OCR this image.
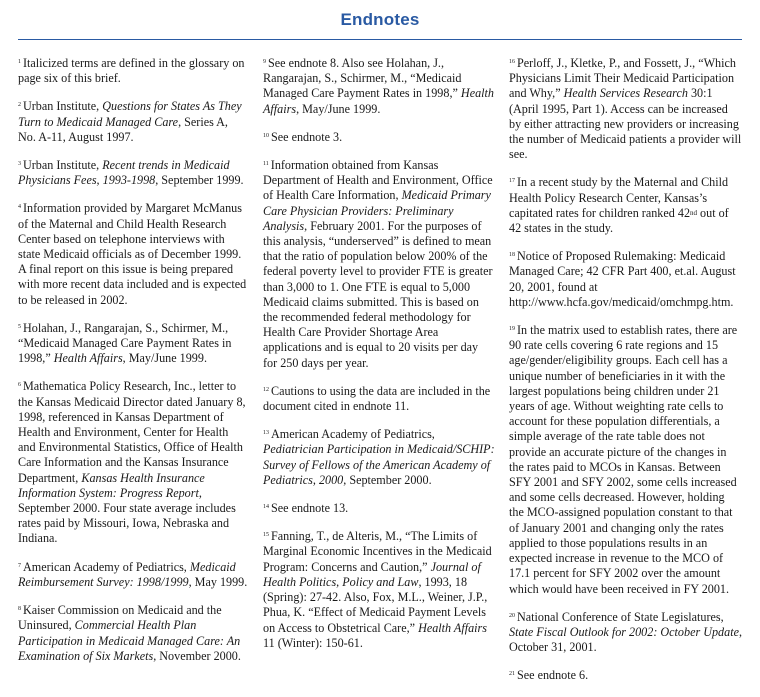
Endnotes

$^1$ Italicized terms are defined in the glossary on page six of this brief.

$^2$ Urban Institute, Questions for States As They Turn to Medicaid Managed Care, Series A, No. A-11, August 1997.

$^3$ Urban Institute, Recent trends in Medicaid Physicians Fees, 1993-1998, September 1999.

$^4$ Information provided by Margaret McManus of the Maternal and Child Health Research Center based on telephone interviews with state Medicaid officials as of December 1999. A final report on this issue is being prepared with more recent data included and is expected to be released in 2002.

$^5$ Holahan, J., Rangarajan, S., Schirmer, M., “Medicaid Managed Care Payment Rates in 1998,” Health Affairs, May/June 1999.

$^6$ Mathematica Policy Research, Inc., letter to the Kansas Medicaid Director dated January 8, 1998, referenced in Kansas Department of Health and Environment, Center for Health and Environmental Statistics, Office of Health Care Information and the Kansas Insurance Department, Kansas Health Insurance Information System: Progress Report, September 2000. Four state average includes rates paid by Missouri, Iowa, Nebraska and Indiana.

$^7$ American Academy of Pediatrics, Medicaid Reimbursement Survey: 1998/1999, May 1999.

$^8$ Kaiser Commission on Medicaid and the Uninsured, Commercial Health Plan Participation in Medicaid Managed Care: An Examination of Six Markets, November 2000.

$^9$ See endnote 8. Also see Holahan, J., Rangarajan, S., Schirmer, M., “Medicaid Managed Care Payment Rates in 1998,” Health Affairs, May/June 1999.

$^{10}$ See endnote 3.

$^{11}$ Information obtained from Kansas Department of Health and Environment, Office of Health Care Information, Medicaid Primary Care Physician Providers: Preliminary Analysis, February 2001. For the purposes of this analysis, “underserved” is defined to mean that the ratio of population below 200% of the federal poverty level to provider FTE is greater than 3,000 to 1. One FTE is equal to 5,000 Medicaid claims submitted. This is based on the recommended federal methodology for Health Care Provider Shortage Area applications and is equal to 20 visits per day for 250 days per year.

$^{12}$ Cautions to using the data are included in the document cited in endnote 11.

$^{13}$ American Academy of Pediatrics, Pediatrician Participation in Medicaid/SCHIP: Survey of Fellows of the American Academy of Pediatrics, 2000, September 2000.

$^{14}$ See endnote 13.

$^{15}$ Fanning, T., de Alteris, M., “The Limits of Marginal Economic Incentives in the Medicaid Program: Concerns and Caution,” Journal of Health Politics, Policy and Law, 1993, 18 (Spring): 27-42. Also, Fox, M.L., Weiner, J.P., Phua, K. “Effect of Medicaid Payment Levels on Access to Obstetrical Care,” Health Affairs 11 (Winter): 150-61.

$^{16}$ Perloff, J., Kletke, P., and Fossett, J., “Which Physicians Limit Their Medicaid Participation and Why,” Health Services Research 30:1 (April 1995, Part 1). Access can be increased by either attracting new providers or increasing the number of Medicaid patients a provider will see.

$^{17}$ In a recent study by the Maternal and Child Health Policy Research Center, Kansas’s capitated rates for children ranked 42nd out of 42 states in the study.

$^{18}$ Notice of Proposed Rulemaking: Medicaid Managed Care; 42 CFR Part 400, et.al. August 20, 2001, found at http://www.hcfa.gov/medicaid/omchmpg.htm.

$^{19}$ In the matrix used to establish rates, there are 90 rate cells covering 6 rate regions and 15 age/gender/eligibility groups. Each cell has a unique number of beneficiaries in it with the largest populations being children under 21 years of age. Without weighting rate cells to account for these population differentials, a simple average of the rate table does not provide an accurate picture of the changes in the rates paid to MCOs in Kansas. Between SFY 2001 and SFY 2002, some cells increased and some cells decreased. However, holding the MCO-assigned population constant to that of January 2001 and changing only the rates applied to those populations results in an expected increase in revenue to the MCO of 17.1 percent for SFY 2002 over the amount which would have been received in FY 2001.

$^{20}$ National Conference of State Legislatures, State Fiscal Outlook for 2002: October Update, October 31, 2001.

$^{21}$ See endnote 6.
